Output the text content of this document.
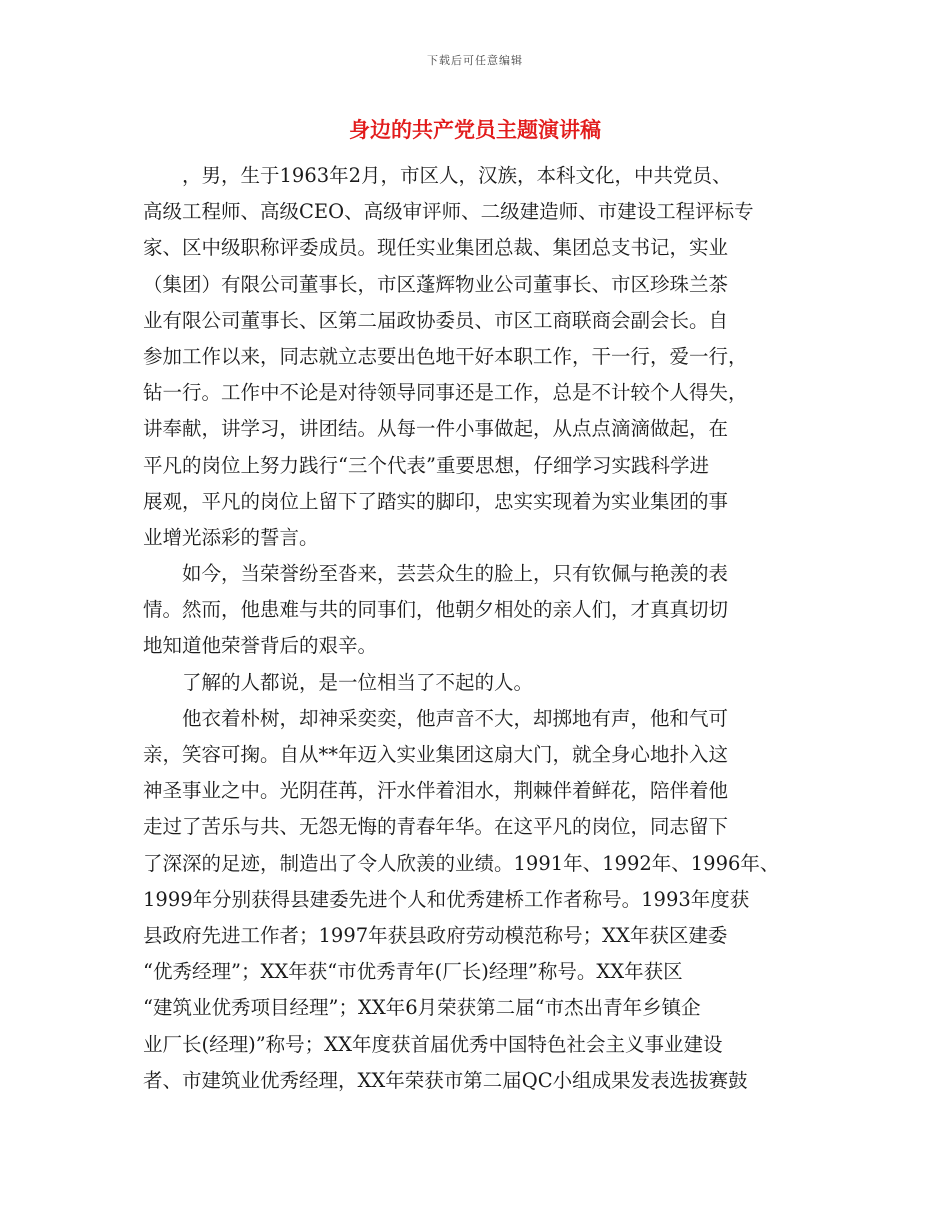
下载后可任意编辑
身边的共产党员主题演讲稿
　　，男，生于1963年2月，市区人，汉族，本科文化，中共党员、
高级工程师、高级CEO、高级审评师、二级建造师、市建设工程评标专
家、区中级职称评委成员。现任实业集团总裁、集团总支书记，实业
（集团）有限公司董事长，市区蓬辉物业公司董事长、市区珍珠兰茶
业有限公司董事长、区第二届政协委员、市区工商联商会副会长。自
参加工作以来，同志就立志要出色地干好本职工作，干一行，爱一行，
钻一行。工作中不论是对待领导同事还是工作，总是不计较个人得失，
讲奉献，讲学习，讲团结。从每一件小事做起，从点点滴滴做起，在
平凡的岗位上努力践行“三个代表”重要思想，仔细学习实践科学进
展观，平凡的岗位上留下了踏实的脚印，忠实实现着为实业集团的事
业增光添彩的誓言。
　　如今，当荣誉纷至沓来，芸芸众生的脸上，只有钦佩与艳羡的表
情。然而，他患难与共的同事们，他朝夕相处的亲人们，才真真切切
地知道他荣誉背后的艰辛。
　　了解的人都说，是一位相当了不起的人。
　　他衣着朴树，却神采奕奕，他声音不大，却掷地有声，他和气可
亲，笑容可掬。自从**年迈入实业集团这扇大门，就全身心地扑入这
神圣事业之中。光阴荏苒，汗水伴着泪水，荆棘伴着鲜花，陪伴着他
走过了苦乐与共、无怨无悔的青春年华。在这平凡的岗位，同志留下
了深深的足迹，制造出了令人欣羡的业绩。1991年、1992年、1996年、
1999年分别获得县建委先进个人和优秀建桥工作者称号。1993年度获
县政府先进工作者；1997年获县政府劳动模范称号；XX年获区建委
“优秀经理”；XX年获“市优秀青年(厂长)经理”称号。XX年获区
“建筑业优秀项目经理”；XX年6月荣获第二届“市杰出青年乡镇企
业厂长(经理)”称号；XX年度获首届优秀中国特色社会主义事业建设
者、市建筑业优秀经理，XX年荣获市第二届QC小组成果发表选拔赛鼓
